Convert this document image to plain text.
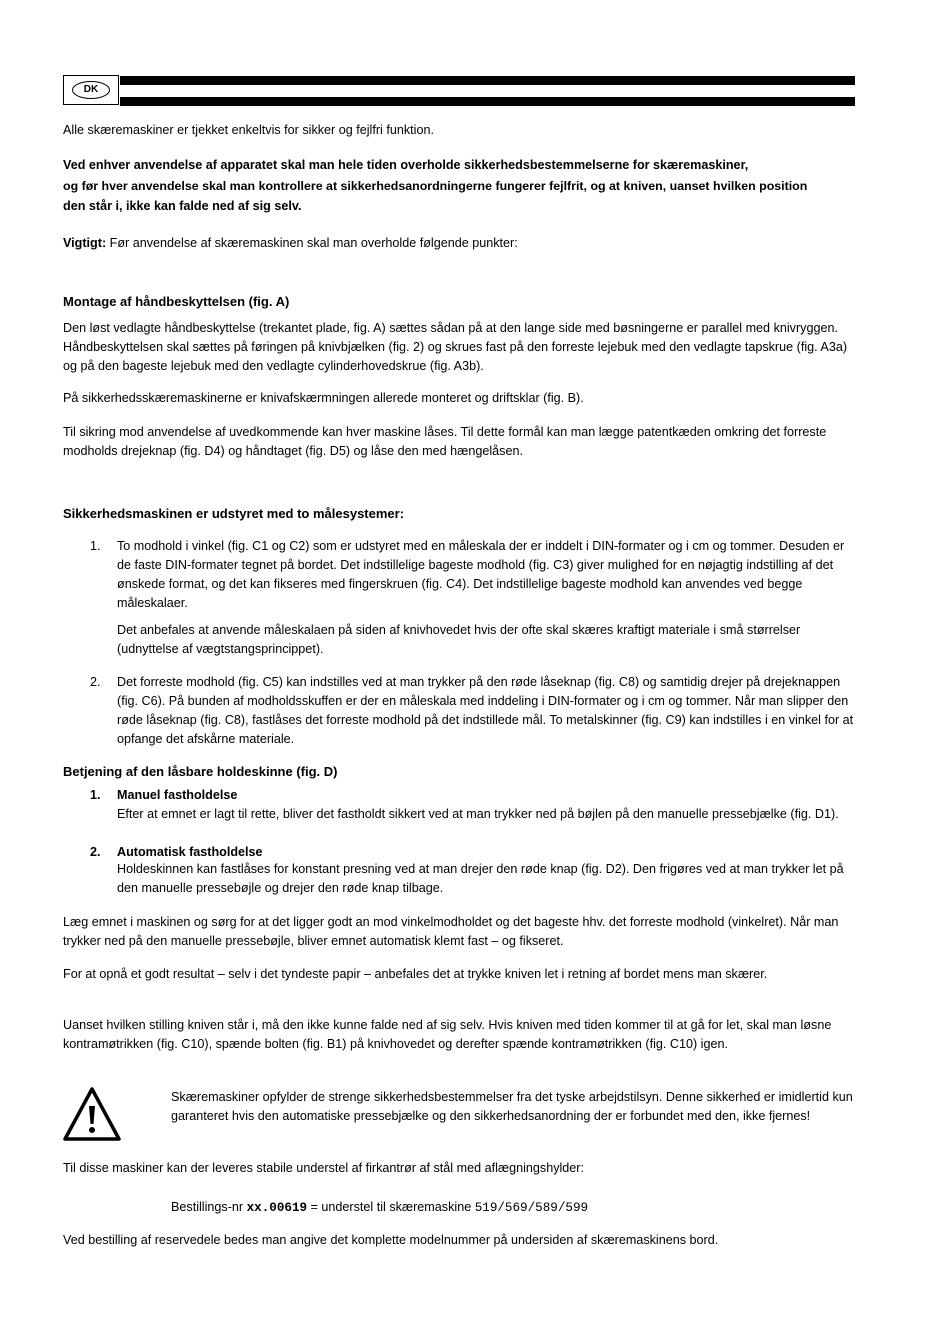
DK
Alle skæremaskiner er tjekket enkeltvis for sikker og fejlfri funktion.
Ved enhver anvendelse af apparatet skal man hele tiden overholde sikkerhedsbestemmelserne for skæremaskiner,
og før hver anvendelse skal man kontrollere at sikkerhedsanordningerne fungerer fejlfrit, og at kniven, uanset hvilken position
den står i, ikke kan falde ned af sig selv.
Vigtigt: Før anvendelse af skæremaskinen skal man overholde følgende punkter:
Montage af håndbeskyttelsen (fig. A)
Den løst vedlagte håndbeskyttelse (trekantet plade, fig. A) sættes sådan på at den lange side med bøsningerne er parallel med knivryggen. Håndbeskyttelsen skal sættes på føringen på knivbjælken (fig. 2) og skrues fast på den forreste lejebuk med den vedlagte tapskrue (fig. A3a) og på den bageste lejebuk med den vedlagte cylinderhovedskrue (fig. A3b).
På sikkerhedsskæremaskinerne er knivafskærmningen allerede monteret og driftsklar (fig. B).
Til sikring mod anvendelse af uvedkommende kan hver maskine låses. Til dette formål kan man lægge patentkæden omkring det forreste modholds drejeknap (fig. D4) og håndtaget (fig. D5) og låse den med hængelåsen.
Sikkerhedsmaskinen er udstyret med to målesystemer:
1.	To modhold i vinkel (fig. C1 og C2) som er udstyret med en måleskala der er inddelt i DIN-formater og i cm og tommer. Desuden er de faste DIN-formater tegnet på bordet. Det indstillelige bageste modhold (fig. C3) giver mulighed for en nøjagtig indstilling af det ønskede format, og det kan fikseres med fingerskruen (fig. C4). Det indstillelige bageste modhold kan anvendes ved begge måleskalaer.
Det anbefales at anvende måleskalaen på siden af knivhovedet hvis der ofte skal skæres kraftigt materiale i små størrelser (udnyttelse af vægtstangsprincippet).
2.	Det forreste modhold (fig. C5) kan indstilles ved at man trykker på den røde låseknap (fig. C8) og samtidig drejer på drejeknappen (fig. C6). På bunden af modholdsskuffen er der en måleskala med inddeling i DIN-formater og i cm og tommer. Når man slipper den røde låseknap (fig. C8), fastlåses det forreste modhold på det indstillede mål. To metalskinner (fig. C9) kan indstilles i en vinkel for at opfange det afskårne materiale.
Betjening af den låsbare holdeskinne (fig. D)
1.	Manuel fastholdelse
Efter at emnet er lagt til rette, bliver det fastholdt sikkert ved at man trykker ned på bøjlen på den manuelle pressebjælke (fig. D1).
2.	Automatisk fastholdelse
Holdeskinnen kan fastlåses for konstant presning ved at man drejer den røde knap (fig. D2). Den frigøres ved at man trykker let på den manuelle pressebøjle og drejer den røde knap tilbage.
Læg emnet i maskinen og sørg for at det ligger godt an mod vinkelmodholdet og det bageste hhv. det forreste modhold (vinkelret). Når man trykker ned på den manuelle pressebøjle, bliver emnet automatisk klemt fast – og fikseret.
For at opnå et godt resultat – selv i det tyndeste papir – anbefales det at trykke kniven let i retning af bordet mens man skærer.
Uanset hvilken stilling kniven står i, må den ikke kunne falde ned af sig selv. Hvis kniven med tiden kommer til at gå for let, skal man løsne kontramøtrikken (fig. C10), spænde bolten (fig. B1) på knivhovedet og derefter spænde kontramøtrikken (fig. C10) igen.
Skæremaskiner opfylder de strenge sikkerhedsbestemmelser fra det tyske arbejdstilsyn. Denne sikkerhed er imidlertid kun garanteret hvis den automatiske pressebjælke og den sikkerhedsanordning der er forbundet med den, ikke fjernes!
Til disse maskiner kan der leveres stabile understel af firkantrør af stål med aflægningshylder:
Bestillings-nr xx.00619 = understel til skæremaskine 519/569/589/599
Ved bestilling af reservedele bedes man angive det komplette modelnummer på undersiden af skæremaskinens bord.
